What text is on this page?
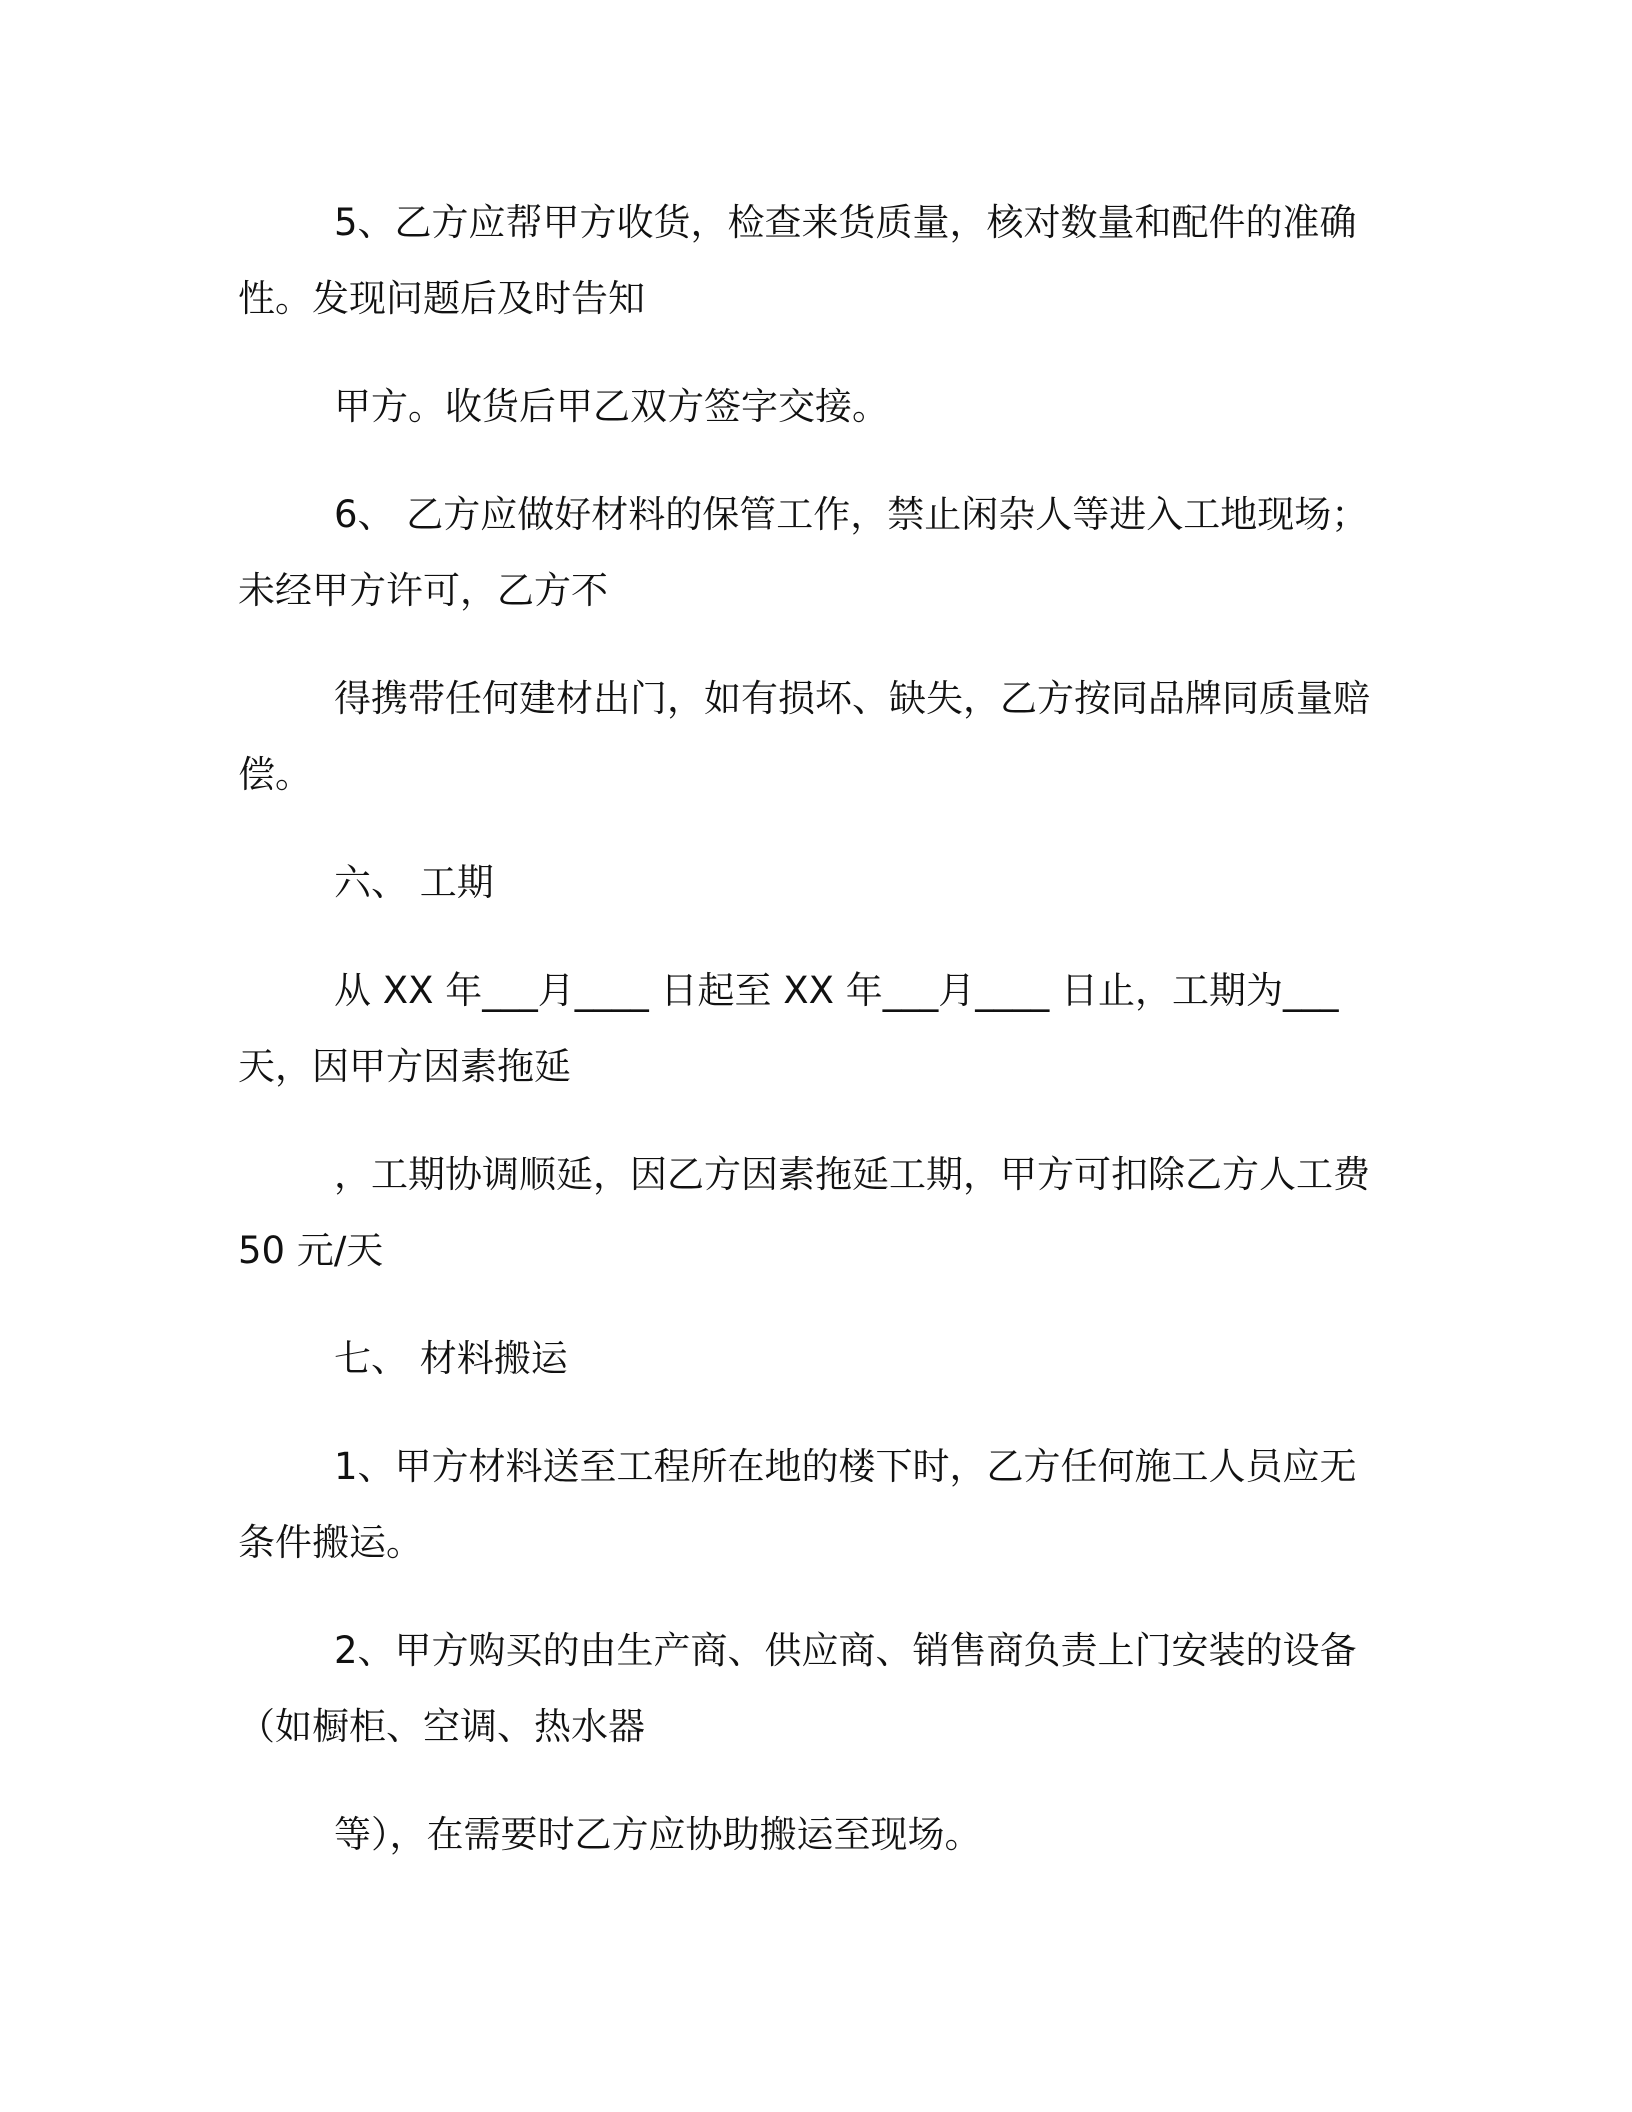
5、乙方应帮甲方收货，检查来货质量，核对数量和配件的准确性。发现问题后及时告知

甲方。收货后甲乙双方签字交接。

6、 乙方应做好材料的保管工作，禁止闲杂人等进入工地现场；未经甲方许可，乙方不

得携带任何建材出门，如有损坏、缺失，乙方按同品牌同质量赔偿。

六、 工期

从 XX 年___月____ 日起至 XX 年___月____ 日止，工期为___天，因甲方因素拖延

，工期协调顺延，因乙方因素拖延工期，甲方可扣除乙方人工费 50 元/天

七、 材料搬运

1、甲方材料送至工程所在地的楼下时，乙方任何施工人员应无条件搬运。

2、甲方购买的由生产商、供应商、销售商负责上门安装的设备（如橱柜、空调、热水器

等），在需要时乙方应协助搬运至现场。
